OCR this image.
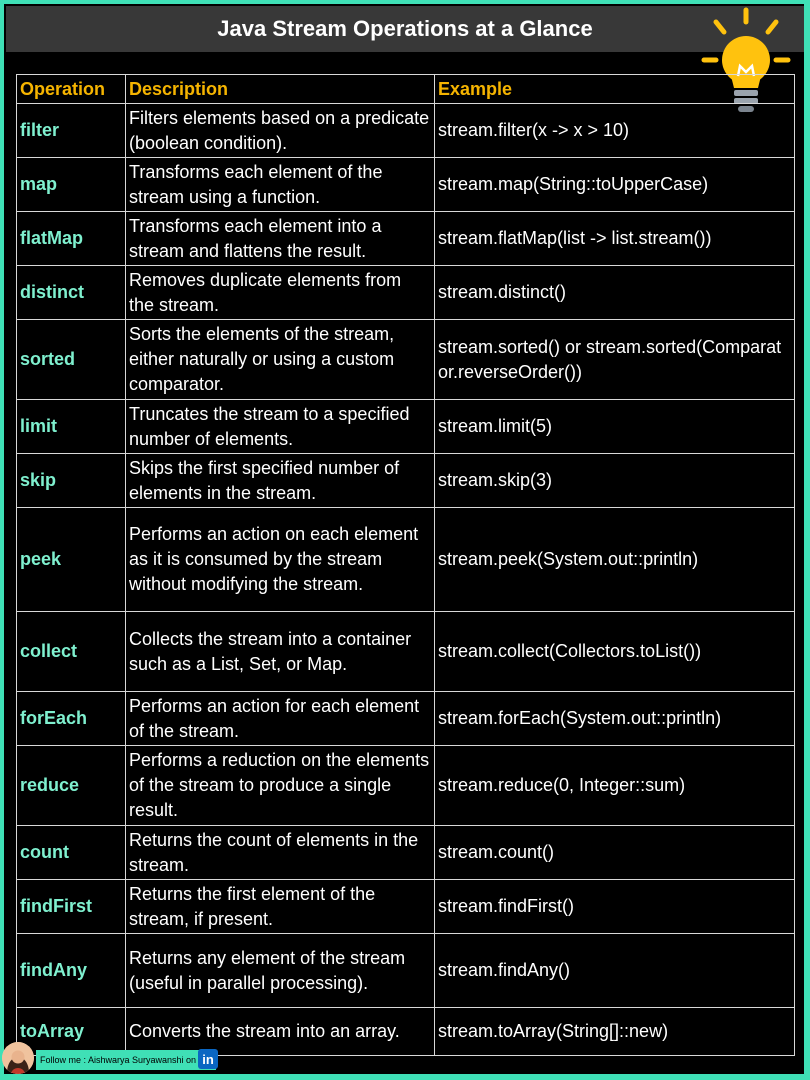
Java Stream Operations at a Glance
Operation	Description	Example
filter	Filters elements based on a predicate (boolean condition).	stream.filter(x -> x > 10)
map	Transforms each element of the stream using a function.	stream.map(String::toUpperCase)
flatMap	Transforms each element into a stream and flattens the result.	stream.flatMap(list -> list.stream())
distinct	Removes duplicate elements from the stream.	stream.distinct()
sorted	Sorts the elements of the stream, either naturally or using a custom comparator.	stream.sorted() or stream.sorted(Comparator.reverseOrder())
limit	Truncates the stream to a specified number of elements.	stream.limit(5)
skip	Skips the first specified number of elements in the stream.	stream.skip(3)
peek	Performs an action on each element as it is consumed by the stream without modifying the stream.	stream.peek(System.out::println)
collect	Collects the stream into a container such as a List, Set, or Map.	stream.collect(Collectors.toList())
forEach	Performs an action for each element of the stream.	stream.forEach(System.out::println)
reduce	Performs a reduction on the elements of the stream to produce a single result.	stream.reduce(0, Integer::sum)
count	Returns the count of elements in the stream.	stream.count()
findFirst	Returns the first element of the stream, if present.	stream.findFirst()
findAny	Returns any element of the stream (useful in parallel processing).	stream.findAny()
toArray	Converts the stream into an array.	stream.toArray(String[]::new)
Follow me : Aishwarya Suryawanshi on in
